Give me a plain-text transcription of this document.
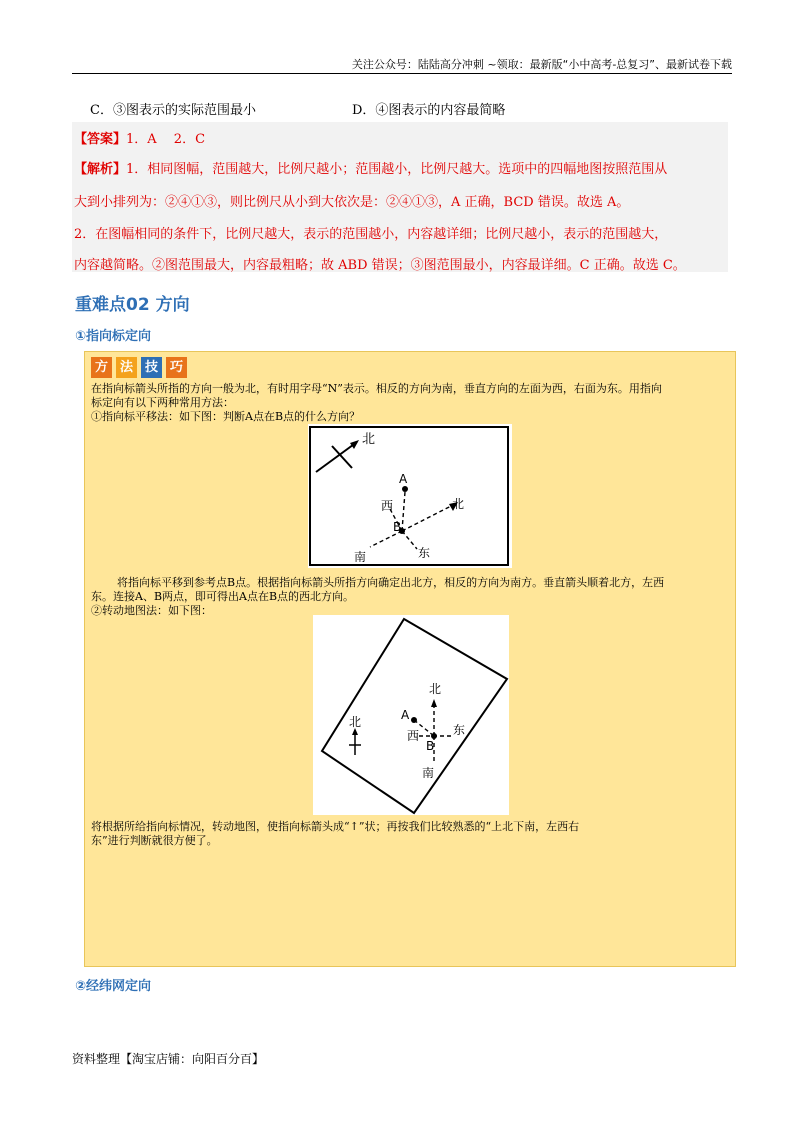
关注公众号：陆陆高分冲刺 ~领取：最新版“小中高考-总复习”、最新试卷下载
C．③图表示的实际范围最小	D．④图表示的内容最简略
【答案】1．A　 2．C
【解析】1．相同图幅，范围越大，比例尺越小；范围越小，比例尺越大。选项中的四幅地图按照范围从
大到小排列为：②④①③，则比例尺从小到大依次是：②④①③，A 正确，BCD 错误。故选 A。
2．在图幅相同的条件下，比例尺越大，表示的范围越小，内容越详细；比例尺越小，表示的范围越大，
内容越简略。②图范围最大，内容最粗略；故 ABD 错误；③图范围最小，内容最详细。C 正确。故选 C。
重难点02 方向
①指向标定向
方 法 技 巧
在指向标箭头所指的方向一般为北，有时用字母“N”表示。相反的方向为南，垂直方向的左面为西，右面为东。用指向
标定向有以下两种常用方法：
①指向标平移法：如下图：判断A点在B点的什么方向？
北
A
B
西	北
南	东
将指向标平移到参考点B点。根据指向标箭头所指方向确定出北方，相反的方向为南方。垂直箭头顺着北方，左西
东。连接A、B两点，即可得出A点在B点的西北方向。
②转动地图法：如下图：
北	A
B
北
西	东
南
将根据所给指向标情况，转动地图，使指向标箭头成“↑”状；再按我们比较熟悉的“上北下南，左西右
东”进行判断就很方便了。
②经纬网定向
资料整理【淘宝店铺：向阳百分百】
